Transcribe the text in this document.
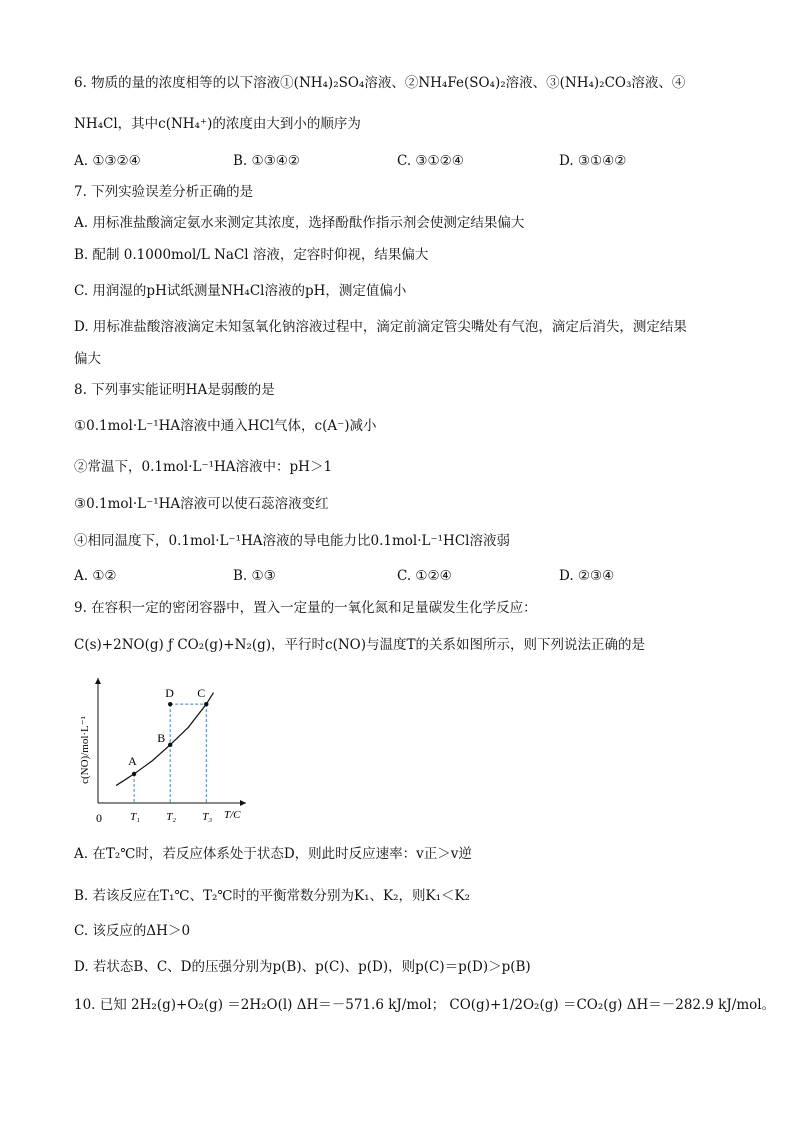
6. 物质的量的浓度相等的以下溶液①(NH₄)₂SO₄溶液、②NH₄Fe(SO₄)₂溶液、③(NH₄)₂CO₃溶液、④
NH₄Cl，其中c(NH₄⁺)的浓度由大到小的顺序为
A. ①③②④	B. ①③④②	C. ③①②④	D. ③①④②
7. 下列实验误差分析正确的是
A. 用标准盐酸滴定氨水来测定其浓度，选择酚酞作指示剂会使测定结果偏大
B. 配制 0.1000mol/L NaCl 溶液，定容时仰视，结果偏大
C. 用润湿的pH试纸测量NH₄Cl溶液的pH，测定值偏小
D. 用标准盐酸溶液滴定未知氢氧化钠溶液过程中，滴定前滴定管尖嘴处有气泡，滴定后消失，测定结果
偏大
8. 下列事实能证明HA是弱酸的是
①0.1mol·L⁻¹HA溶液中通入HCl气体，c(A⁻)减小
②常温下，0.1mol·L⁻¹HA溶液中：pH＞1
③0.1mol·L⁻¹HA溶液可以使石蕊溶液变红
④相同温度下，0.1mol·L⁻¹HA溶液的导电能力比0.1mol·L⁻¹HCl溶液弱
A. ①②	B. ①③	C. ①②④	D. ②③④
9. 在容积一定的密闭容器中，置入一定量的一氧化氮和足量碳发生化学反应：
C(s)+2NO(g) ƒ CO₂(g)+N₂(g)，平行时c(NO)与温度T的关系如图所示，则下列说法正确的是
A
B
C
D
T₁ T₂ T₃
0	T/C
c(NO)/mol·L⁻¹
A. 在T₂℃时，若反应体系处于状态D，则此时反应速率：v正＞v逆
B. 若该反应在T₁℃、T₂℃时的平衡常数分别为K₁、K₂，则K₁＜K₂
C. 该反应的ΔH＞0
D. 若状态B、C、D的压强分别为p(B)、p(C)、p(D)，则p(C)＝p(D)＞p(B)
10. 已知 2H₂(g)+O₂(g) ＝2H₂O(l) ΔH＝－571.6 kJ/mol； CO(g)+1/2O₂(g) ＝CO₂(g) ΔH＝－282.9 kJ/mol。
